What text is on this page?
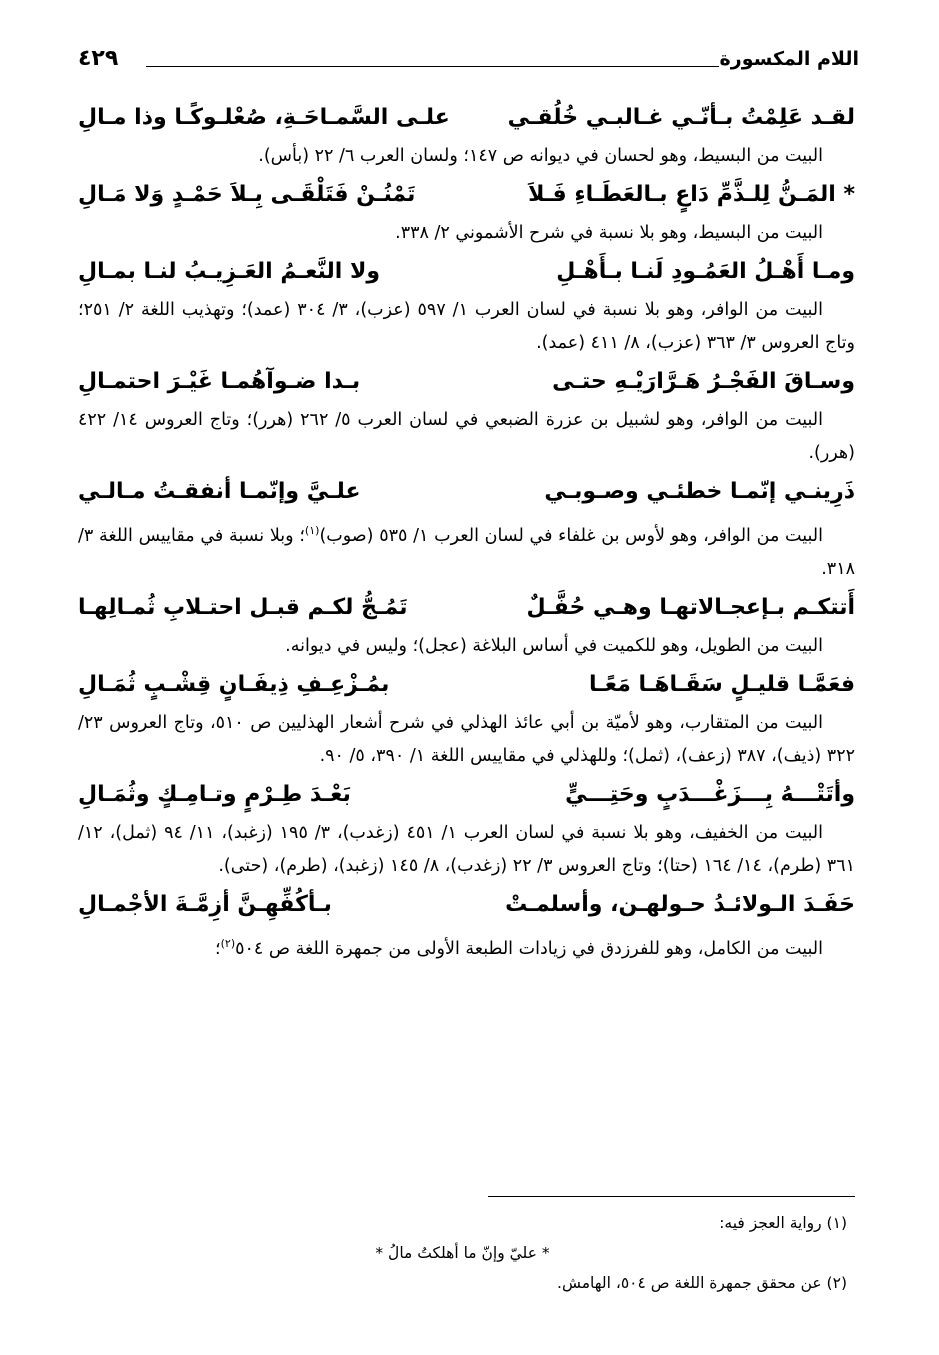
٤٢٩	اللام المكسورة
لقـد عَلِمْتُ بـأنّـي غـالبـي خُلُقـي
علـى السَّمـاحَـةِ، صُعْلـوكًـا وذا مـالِ
البيت من البسيط، وهو لحسان في ديوانه ص ١٤٧؛ ولسان العرب ٦/ ٢٢ (بأس).
* المَـنُّ لِلـذَّمِّ دَاعٍ بـالعَطَـاءِ فَـلاَ
تَمْنُـنْ فَتَلْقَـى بِـلاَ حَمْـدٍ وَلا مَـالِ
البيت من البسيط، وهو بلا نسبة في شرح الأشموني ٢/ ٣٣٨.
ومـا أَهْـلُ العَمُـودِ لَنـا بـأَهْـلِ
ولا النَّعـمُ العَـزِيـبُ لنـا بمـالِ
البيت من الوافر، وهو بلا نسبة في لسان العرب ١/ ٥٩٧ (عزب)، ٣/ ٣٠٤ (عمد)؛ وتهذيب اللغة ٢/ ٢٥١؛ وتاج العروس ٣/ ٣٦٣ (عزب)، ٨/ ٤١١ (عمد).
وسـاقَ الفَجْـرُ هَـرَّارَيْـهِ حتـى
بـدا ضـوآهُمـا غَيْـرَ احتمـالِ
البيت من الوافر، وهو لشبيل بن عزرة الضبعي في لسان العرب ٥/ ٢٦٢ (هرر)؛ وتاج العروس ١٤/ ٤٢٢ (هرر).
ذَرِينـي إنّمـا خطئـي وصـوبـي
علـيَّ وإنّمـا أنفقـتُ مـالـي
البيت من الوافر، وهو لأوس بن غلفاء في لسان العرب ١/ ٥٣٥ (صوب)$^{(١)}$؛ وبلا نسبة في مقاييس اللغة ٣/ ٣١٨.
أَتتكـم بـإعجـالاتهـا وهـي حُفَّـلٌ
تَمُـجُّ لكـم قبـل احتـلابِ ثُمـالِهـا
البيت من الطويل، وهو للكميت في أساس البلاغة (عجل)؛ وليس في ديوانه.
فعَمَّـا قليـلٍ سَقَـاهَـا مَعًـا
بمُـزْعِـفِ ذِيفَـانٍ قِشْـبٍ ثُمَـالِ
البيت من المتقارب، وهو لأميّة بن أبي عائذ الهذلي في شرح أشعار الهذليين ص ٥١٠، وتاج العروس ٢٣/ ٣٢٢ (ذيف)، ٣٨٧ (زعف)، (ثمل)؛ وللهذلي في مقاييس اللغة ١/ ٣٩٠، ٥/ ٩٠.
وأتَتْـــهُ بِـــزَغْـــدَبٍ وحَتِـــيٍّ
بَعْـدَ طِـرْمٍ وتـامِـكٍ وثُمَـالِ
البيت من الخفيف، وهو بلا نسبة في لسان العرب ١/ ٤٥١ (زغدب)، ٣/ ١٩٥ (زغبد)، ١١/ ٩٤ (ثمل)، ١٢/ ٣٦١ (طرم)، ١٤/ ١٦٤ (حتا)؛ وتاج العروس ٣/ ٢٢ (زغدب)، ٨/ ١٤٥ (زغبد)، (طرم)، (حتى).
حَفَـدَ الـولائـدُ حـولهـن، وأسلمـتْ
بـأكُفِّهِـنَّ أزِمَّـةَ الأجْمـالِ
البيت من الكامل، وهو للفرزدق في زيادات الطبعة الأولى من جمهرة اللغة ص ٥٠٤$^{(٢)}$؛
(١) رواية العجز فيه:
* عليّ وإنّ ما أهلكتُ مالُ *
(٢) عن محقق جمهرة اللغة ص ٥٠٤، الهامش.
